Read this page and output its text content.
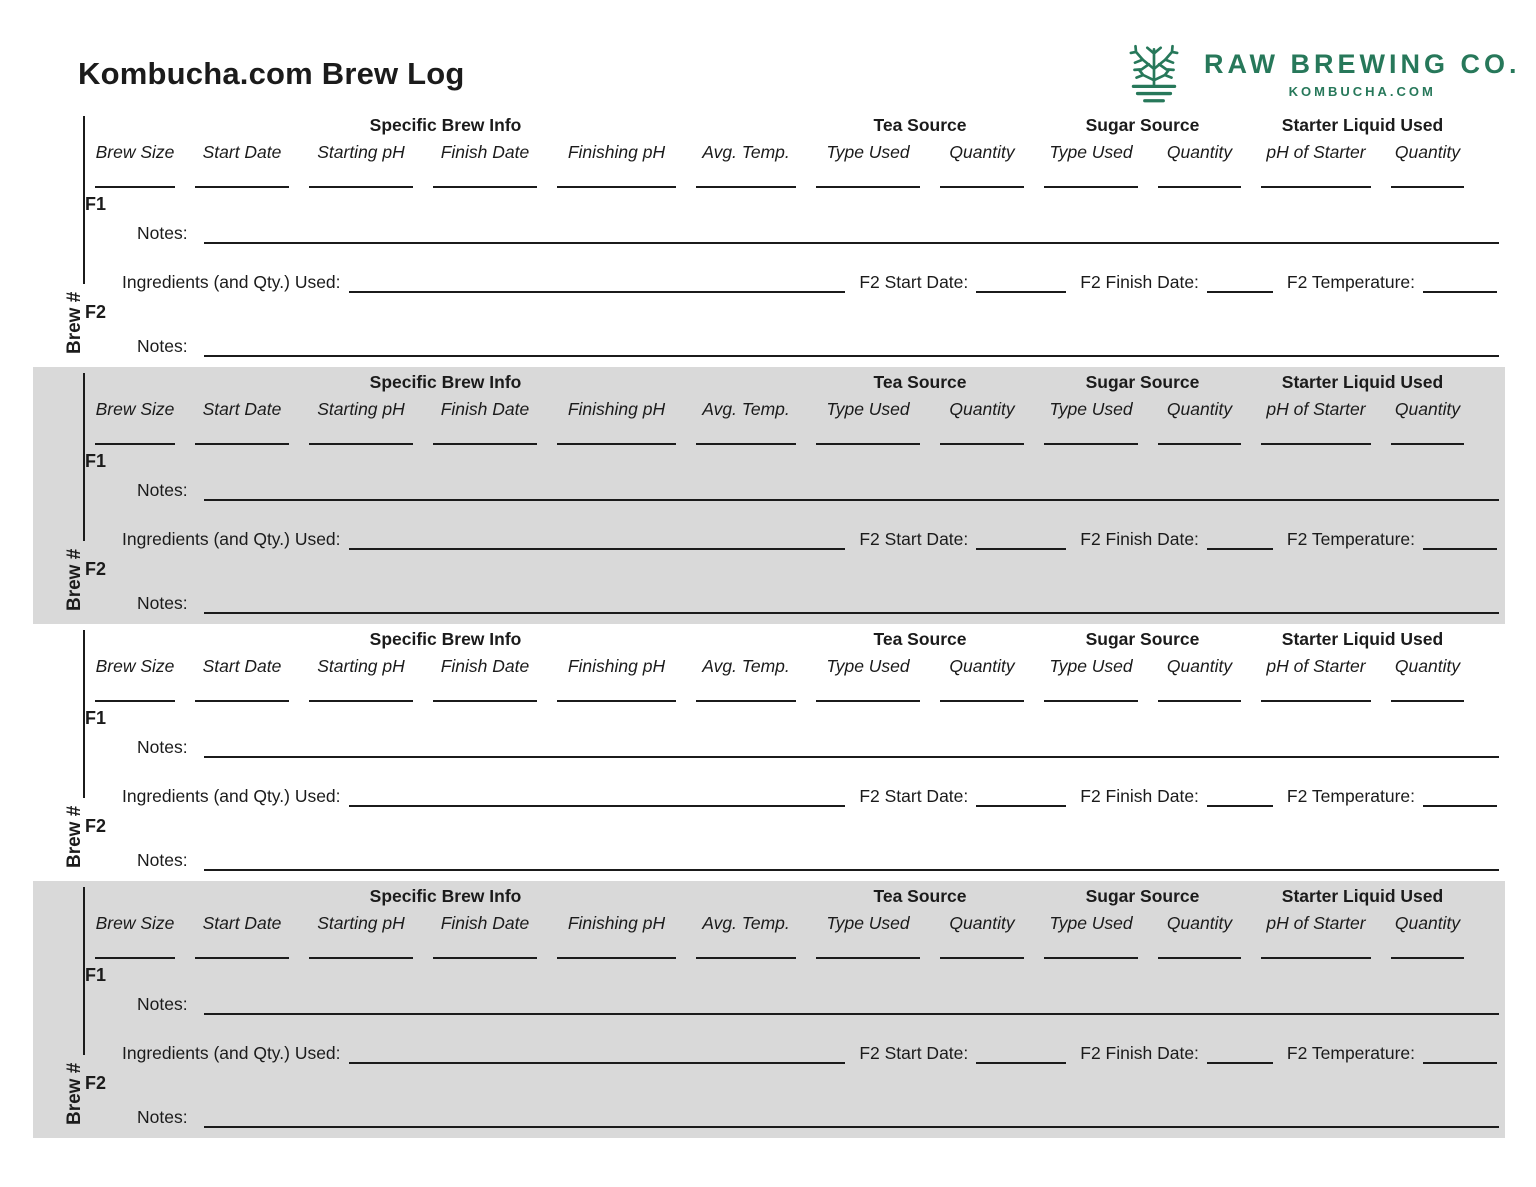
Kombucha.com Brew Log	RAW BREWING CO.
KOMBUCHA.COM
Brew #
Specific Brew Info	Tea Source	Sugar Source	Starter Liquid Used
Brew Size	Start Date	Starting pH	Finish Date	Finishing pH	Avg. Temp.	Type Used	Quantity	Type Used	Quantity	pH of Starter	Quantity
F1
Notes:
Ingredients (and Qty.) Used:	F2 Start Date:	F2 Finish Date:	F2 Temperature:
F2
Notes:
Brew #
Specific Brew Info	Tea Source	Sugar Source	Starter Liquid Used
Brew Size	Start Date	Starting pH	Finish Date	Finishing pH	Avg. Temp.	Type Used	Quantity	Type Used	Quantity	pH of Starter	Quantity
F1
Notes:
Ingredients (and Qty.) Used:	F2 Start Date:	F2 Finish Date:	F2 Temperature:
F2
Notes:
Brew #
Specific Brew Info	Tea Source	Sugar Source	Starter Liquid Used
Brew Size	Start Date	Starting pH	Finish Date	Finishing pH	Avg. Temp.	Type Used	Quantity	Type Used	Quantity	pH of Starter	Quantity
F1
Notes:
Ingredients (and Qty.) Used:	F2 Start Date:	F2 Finish Date:	F2 Temperature:
F2
Notes:
Brew #
Specific Brew Info	Tea Source	Sugar Source	Starter Liquid Used
Brew Size	Start Date	Starting pH	Finish Date	Finishing pH	Avg. Temp.	Type Used	Quantity	Type Used	Quantity	pH of Starter	Quantity
F1
Notes:
Ingredients (and Qty.) Used:	F2 Start Date:	F2 Finish Date:	F2 Temperature:
F2
Notes:
